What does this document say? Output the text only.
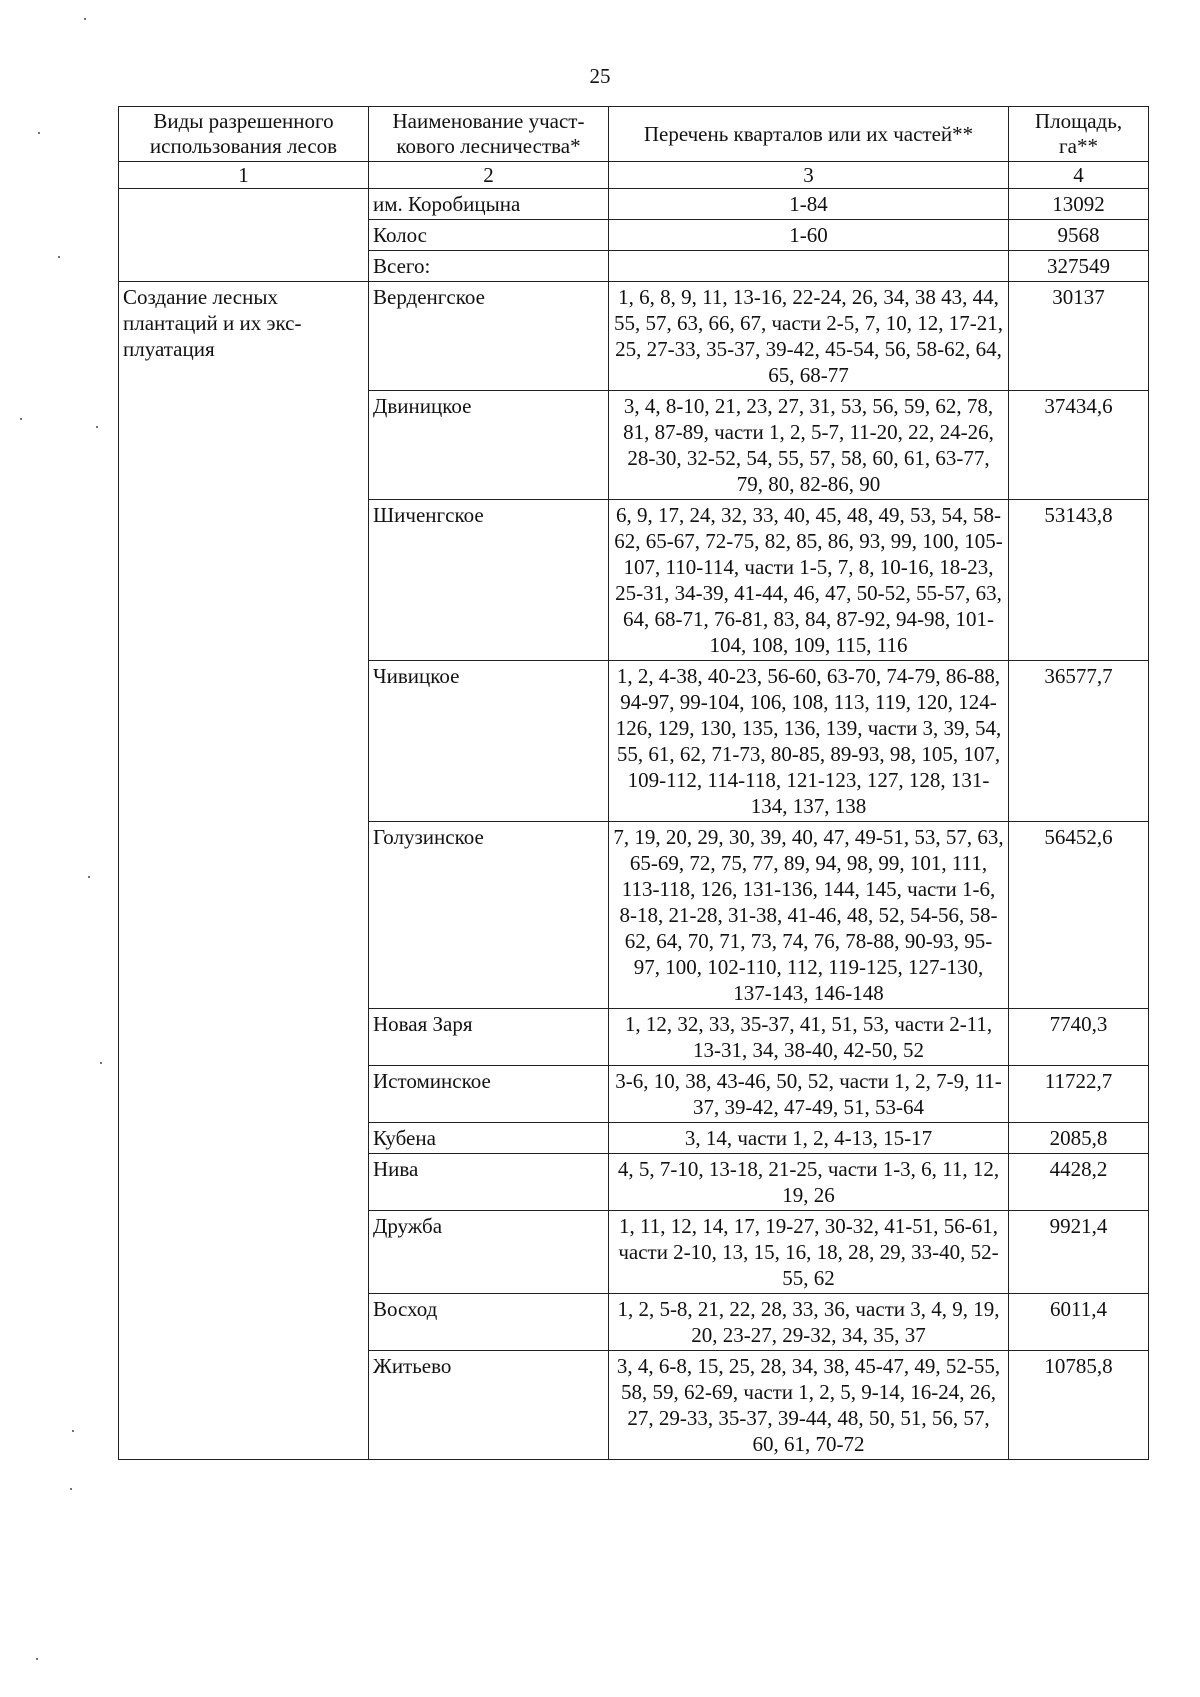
25
Виды разрешенного использования лесов	Наименование участ-кового лесничества*	Перечень кварталов или их частей**	Площадь, га**
1	2	3	4
	им. Коробицына	1-84	13092
	Колос	1-60	9568
	Всего:		327549
Создание лесных плантаций и их экс-плуатация	Верденгское	1, 6, 8, 9, 11, 13-16, 22-24, 26, 34, 38 43, 44, 55, 57, 63, 66, 67, части 2-5, 7, 10, 12, 17-21, 25, 27-33, 35-37, 39-42, 45-54, 56, 58-62, 64, 65, 68-77	30137
	Двиницкое	3, 4, 8-10, 21, 23, 27, 31, 53, 56, 59, 62, 78, 81, 87-89, части 1, 2, 5-7, 11-20, 22, 24-26, 28-30, 32-52, 54, 55, 57, 58, 60, 61, 63-77, 79, 80, 82-86, 90	37434,6
	Шиченгское	6, 9, 17, 24, 32, 33, 40, 45, 48, 49, 53, 54, 58-62, 65-67, 72-75, 82, 85, 86, 93, 99, 100, 105-107, 110-114, части 1-5, 7, 8, 10-16, 18-23, 25-31, 34-39, 41-44, 46, 47, 50-52, 55-57, 63, 64, 68-71, 76-81, 83, 84, 87-92, 94-98, 101-104, 108, 109, 115, 116	53143,8
	Чивицкое	1, 2, 4-38, 40-23, 56-60, 63-70, 74-79, 86-88, 94-97, 99-104, 106, 108, 113, 119, 120, 124-126, 129, 130, 135, 136, 139, части 3, 39, 54, 55, 61, 62, 71-73, 80-85, 89-93, 98, 105, 107, 109-112, 114-118, 121-123, 127, 128, 131-134, 137, 138	36577,7
	Голузинское	7, 19, 20, 29, 30, 39, 40, 47, 49-51, 53, 57, 63, 65-69, 72, 75, 77, 89, 94, 98, 99, 101, 111, 113-118, 126, 131-136, 144, 145, части 1-6, 8-18, 21-28, 31-38, 41-46, 48, 52, 54-56, 58-62, 64, 70, 71, 73, 74, 76, 78-88, 90-93, 95-97, 100, 102-110, 112, 119-125, 127-130, 137-143, 146-148	56452,6
	Новая Заря	1, 12, 32, 33, 35-37, 41, 51, 53, части 2-11, 13-31, 34, 38-40, 42-50, 52	7740,3
	Истоминское	3-6, 10, 38, 43-46, 50, 52, части 1, 2, 7-9, 11-37, 39-42, 47-49, 51, 53-64	11722,7
	Кубена	3, 14, части 1, 2, 4-13, 15-17	2085,8
	Нива	4, 5, 7-10, 13-18, 21-25, части 1-3, 6, 11, 12, 19, 26	4428,2
	Дружба	1, 11, 12, 14, 17, 19-27, 30-32, 41-51, 56-61, части 2-10, 13, 15, 16, 18, 28, 29, 33-40, 52-55, 62	9921,4
	Восход	1, 2, 5-8, 21, 22, 28, 33, 36, части 3, 4, 9, 19, 20, 23-27, 29-32, 34, 35, 37	6011,4
	Житьево	3, 4, 6-8, 15, 25, 28, 34, 38, 45-47, 49, 52-55, 58, 59, 62-69, части 1, 2, 5, 9-14, 16-24, 26, 27, 29-33, 35-37, 39-44, 48, 50, 51, 56, 57, 60, 61, 70-72	10785,8
